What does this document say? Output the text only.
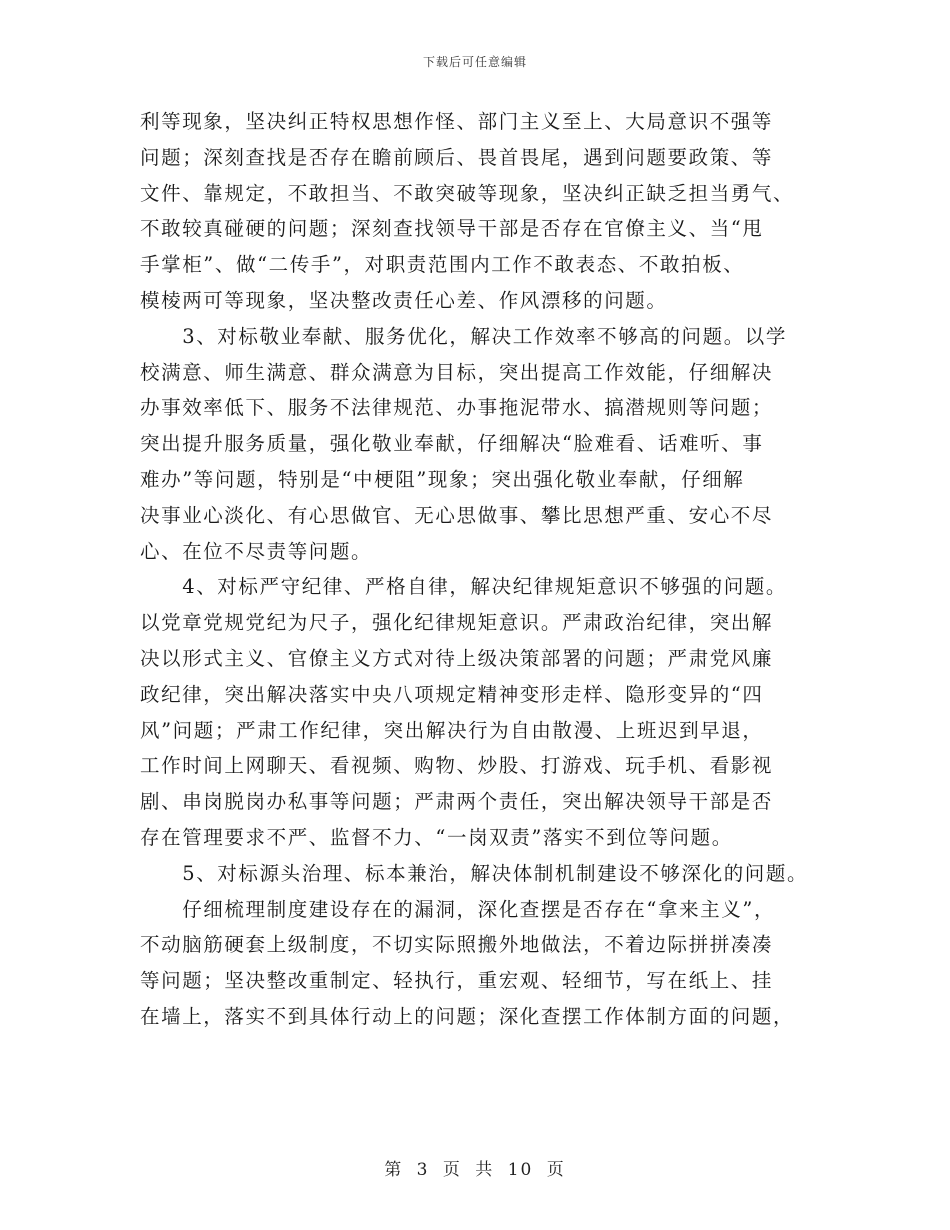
下载后可任意编辑
利等现象，坚决纠正特权思想作怪、部门主义至上、大局意识不强等
问题；深刻查找是否存在瞻前顾后、畏首畏尾，遇到问题要政策、等
文件、靠规定，不敢担当、不敢突破等现象，坚决纠正缺乏担当勇气、
不敢较真碰硬的问题；深刻查找领导干部是否存在官僚主义、当“甩
手掌柜”、做“二传手”，对职责范围内工作不敢表态、不敢拍板、
模棱两可等现象，坚决整改责任心差、作风漂移的问题。
　　3、对标敬业奉献、服务优化，解决工作效率不够高的问题。以学
校满意、师生满意、群众满意为目标，突出提高工作效能，仔细解决
办事效率低下、服务不法律规范、办事拖泥带水、搞潜规则等问题；
突出提升服务质量，强化敬业奉献，仔细解决“脸难看、话难听、事
难办”等问题，特别是“中梗阻”现象；突出强化敬业奉献，仔细解
决事业心淡化、有心思做官、无心思做事、攀比思想严重、安心不尽
心、在位不尽责等问题。
　　4、对标严守纪律、严格自律，解决纪律规矩意识不够强的问题。
以党章党规党纪为尺子，强化纪律规矩意识。严肃政治纪律，突出解
决以形式主义、官僚主义方式对待上级决策部署的问题；严肃党风廉
政纪律，突出解决落实中央八项规定精神变形走样、隐形变异的“四
风”问题；严肃工作纪律，突出解决行为自由散漫、上班迟到早退，
工作时间上网聊天、看视频、购物、炒股、打游戏、玩手机、看影视
剧、串岗脱岗办私事等问题；严肃两个责任，突出解决领导干部是否
存在管理要求不严、监督不力、“一岗双责”落实不到位等问题。
　　5、对标源头治理、标本兼治，解决体制机制建设不够深化的问题。
　　仔细梳理制度建设存在的漏洞，深化查摆是否存在“拿来主义”，
不动脑筋硬套上级制度，不切实际照搬外地做法，不着边际拼拼凑凑
等问题；坚决整改重制定、轻执行，重宏观、轻细节，写在纸上、挂
在墙上，落实不到具体行动上的问题；深化查摆工作体制方面的问题，
第 3 页 共 10 页
